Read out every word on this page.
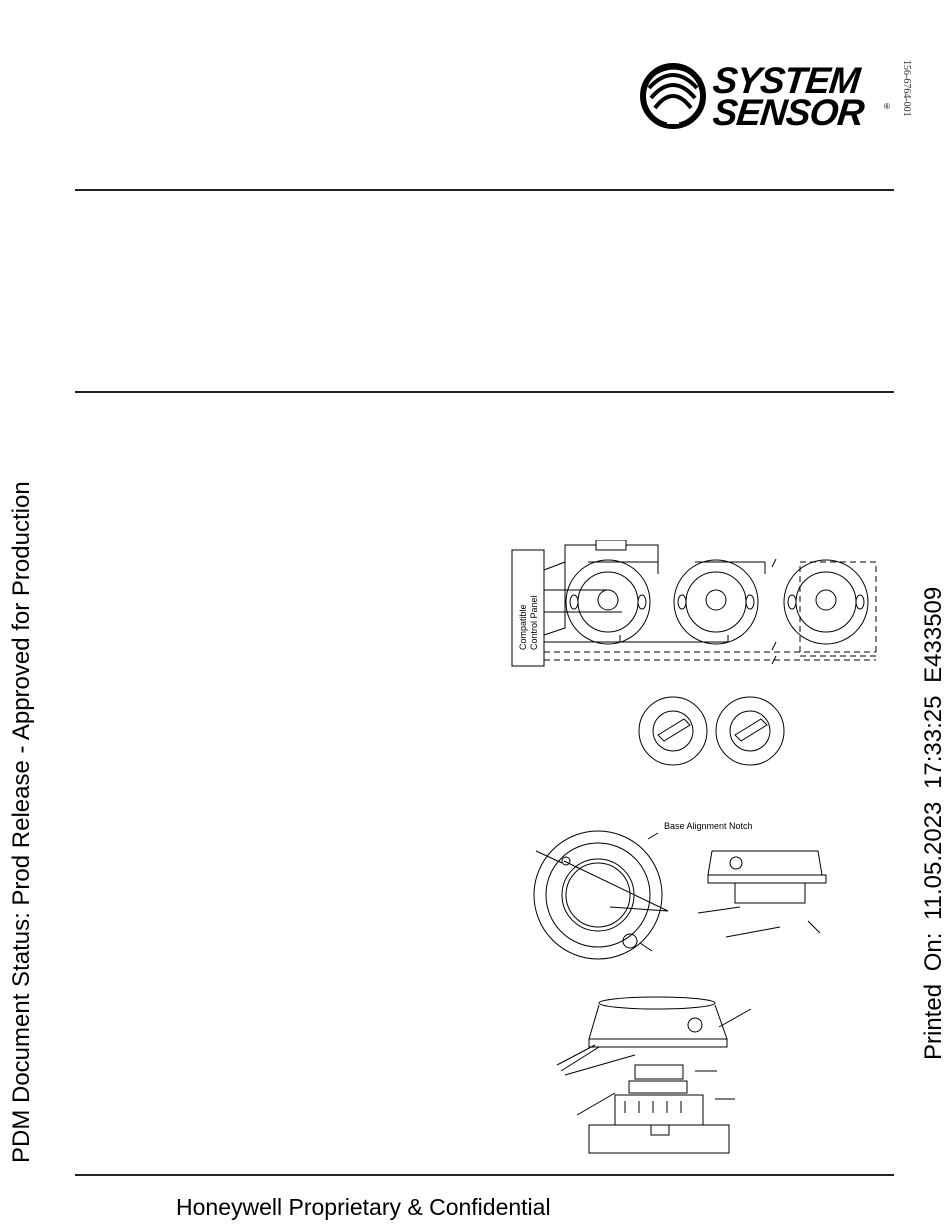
SYSTEM
SENSOR ® 156-6764-001
PDM Document Status: Prod Release - Approved for Production	Printed On: 11.05.2023 17:33:25 E433509
Compatible Control Panel
Base Alignment Notch
Honeywell Proprietary & Confidential
